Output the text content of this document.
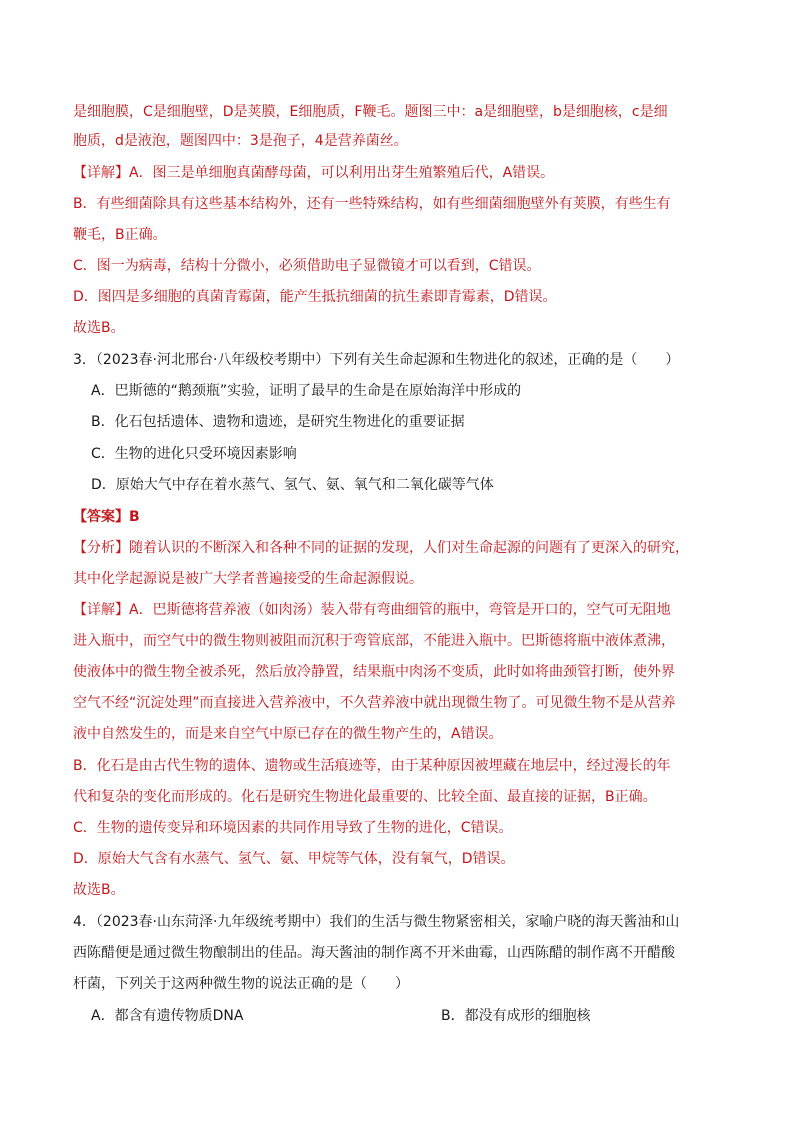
是细胞膜，C是细胞壁，D是荚膜，E细胞质，F鞭毛。题图三中：a是细胞壁，b是细胞核，c是细
胞质，d是液泡，题图四中：3是孢子，4是营养菌丝。
【详解】A．图三是单细胞真菌酵母菌，可以利用出芽生殖繁殖后代，A错误。
B．有些细菌除具有这些基本结构外，还有一些特殊结构，如有些细菌细胞壁外有荚膜，有些生有
鞭毛，B正确。
C．图一为病毒，结构十分微小，必须借助电子显微镜才可以看到，C错误。
D．图四是多细胞的真菌青霉菌，能产生抵抗细菌的抗生素即青霉素，D错误。
故选B。
3．（2023春·河北邢台·八年级校考期中）下列有关生命起源和生物进化的叙述，正确的是（　　）
A．巴斯德的“鹅颈瓶”实验，证明了最早的生命是在原始海洋中形成的
B．化石包括遗体、遗物和遗迹，是研究生物进化的重要证据
C．生物的进化只受环境因素影响
D．原始大气中存在着水蒸气、氢气、氨、氧气和二氧化碳等气体
【答案】B
【分析】随着认识的不断深入和各种不同的证据的发现，人们对生命起源的问题有了更深入的研究，
其中化学起源说是被广大学者普遍接受的生命起源假说。
【详解】A．巴斯德将营养液（如肉汤）装入带有弯曲细管的瓶中，弯管是开口的，空气可无阻地
进入瓶中，而空气中的微生物则被阻而沉积于弯管底部，不能进入瓶中。巴斯德将瓶中液体煮沸，
使液体中的微生物全被杀死，然后放冷静置，结果瓶中肉汤不变质，此时如将曲颈管打断，使外界
空气不经“沉淀处理”而直接进入营养液中，不久营养液中就出现微生物了。可见微生物不是从营养
液中自然发生的，而是来自空气中原已存在的微生物产生的，A错误。
B．化石是由古代生物的遗体、遗物或生活痕迹等，由于某种原因被埋藏在地层中，经过漫长的年
代和复杂的变化而形成的。化石是研究生物进化最重要的、比较全面、最直接的证据，B正确。
C．生物的遗传变异和环境因素的共同作用导致了生物的进化，C错误。
D．原始大气含有水蒸气、氢气、氨、甲烷等气体，没有氧气，D错误。
故选B。
4．（2023春·山东菏泽·九年级统考期中）我们的生活与微生物紧密相关，家喻户晓的海天酱油和山
西陈醋便是通过微生物酿制出的佳品。海天酱油的制作离不开米曲霉，山西陈醋的制作离不开醋酸
杆菌，下列关于这两种微生物的说法正确的是（　　）
A．都含有遗传物质DNA	B．都没有成形的细胞核
